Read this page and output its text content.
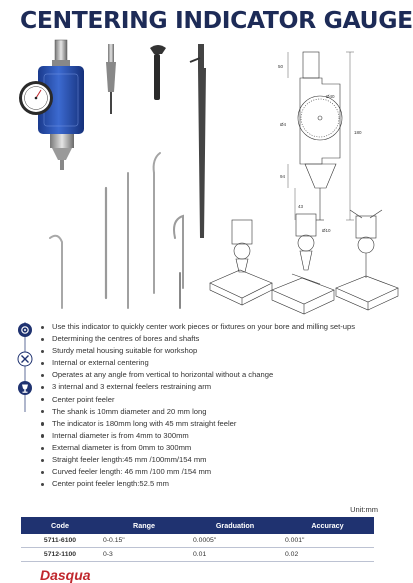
CENTERING INDICATOR GAUGE
50
Ø4
180
94
43
Ø10
Ø40
Use this indicator to quickly center work pieces or fixtures on your bore and milling set-ups
Determining the centres of bores and shafts
Sturdy metal housing suitable for workshop
Internal or external centering
Operates at any angle from vertical to horizontal without a change
3 internal and 3 external feelers restraining arm
Center point feeler
The shank is 10mm diameter and 20 mm long
The indicator is 180mm long with 45 mm straight feeler
Internal diameter is from 4mm to 300mm
External diameter is from 0mm to 300mm
Straight feeler length:45 mm /100mm/154 mm
Curved feeler length: 46 mm /100 mm /154 mm
Center point feeler length:52.5 mm
Unit:mm
Code	Range	Graduation	Accuracy
5711-6100	0-0.15"	0.0005"	0.001"
5712-1100	0-3	0.01	0.02
Dasqua
